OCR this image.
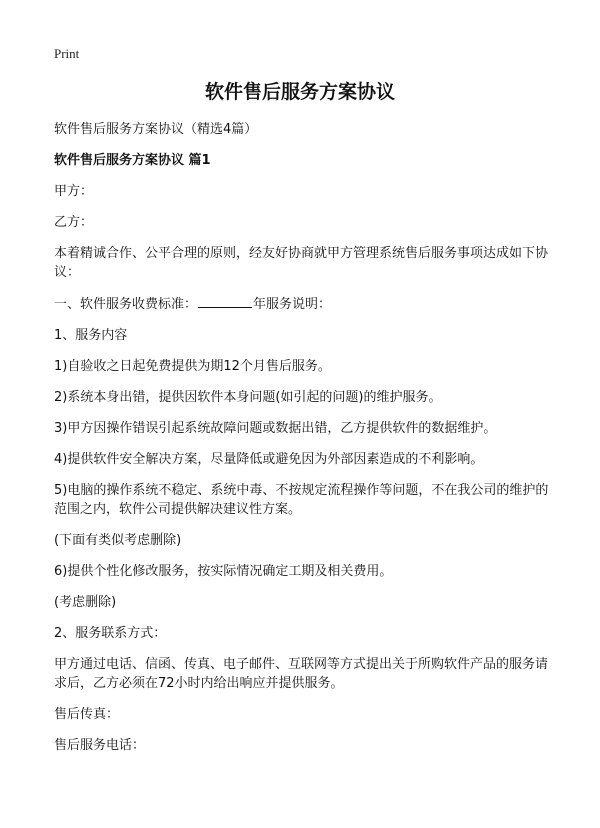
Print
软件售后服务方案协议

软件售后服务方案协议（精选4篇）

软件售后服务方案协议 篇1

甲方：

乙方：

本着精诚合作、公平合理的原则，经友好协商就甲方管理系统售后服务事项达成如下协议：

一、软件服务收费标准：	年服务说明：

1、服务内容

1)自验收之日起免费提供为期12个月售后服务。

2)系统本身出错，提供因软件本身问题(如引起的问题)的维护服务。

3)甲方因操作错误引起系统故障问题或数据出错，乙方提供软件的数据维护。

4)提供软件安全解决方案，尽量降低或避免因为外部因素造成的不利影响。

5)电脑的操作系统不稳定、系统中毒、不按规定流程操作等问题，不在我公司的维护的范围之内，软件公司提供解决建议性方案。

(下面有类似考虑删除)

6)提供个性化修改服务，按实际情况确定工期及相关费用。

(考虑删除)

2、服务联系方式：

甲方通过电话、信函、传真、电子邮件、互联网等方式提出关于所购软件产品的服务请求后，乙方必须在72小时内给出响应并提供服务。

售后传真：

售后服务电话：
